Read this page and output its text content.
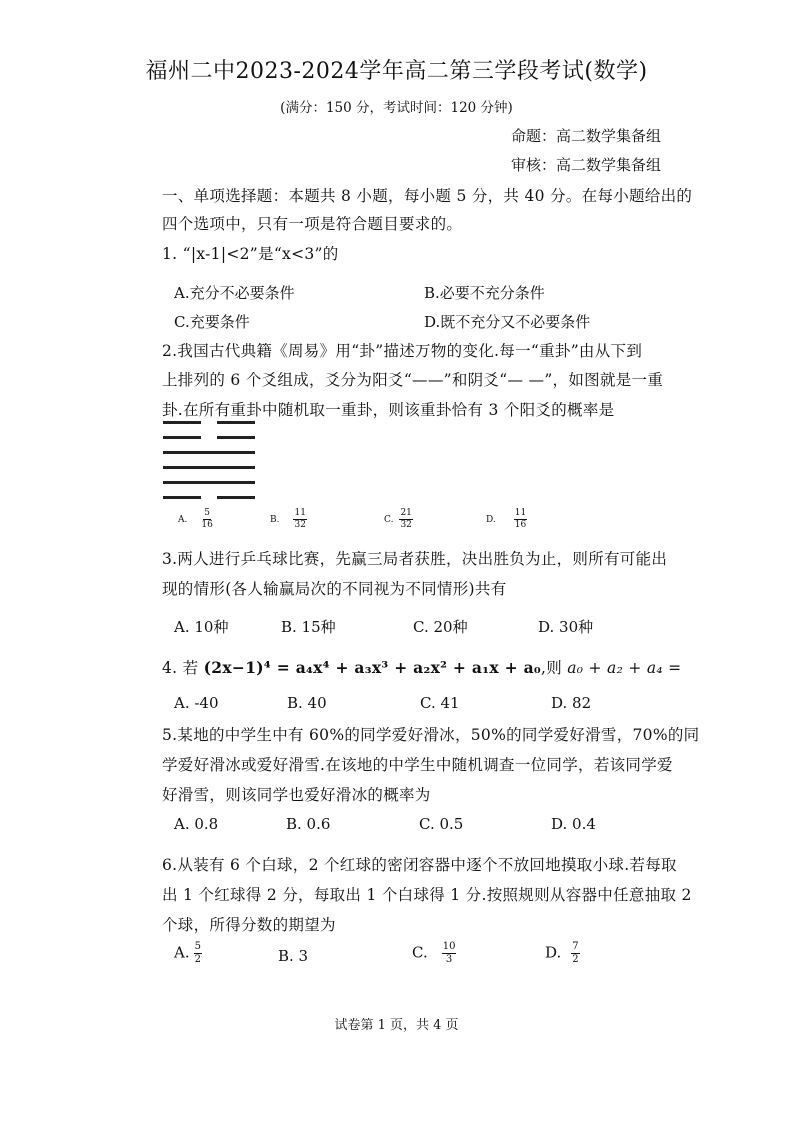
福州二中2023-2024学年高二第三学段考试(数学)
(满分：150 分，考试时间：120 分钟)
命题：高二数学集备组
审核：高二数学集备组
一、单项选择题：本题共 8 小题，每小题 5 分，共 40 分。在每小题给出的
四个选项中，只有一项是符合题目要求的。
1. “|x-1|<2”是“x<3”的
A.充分不必要条件	B.必要不充分条件
C.充要条件	D.既不充分又不必要条件
2.我国古代典籍《周易》用“卦”描述万物的变化.每一“重卦”由从下到
上排列的 6 个爻组成，爻分为阳爻“——”和阴爻“— —”，如图就是一重
卦.在所有重卦中随机取一重卦，则该重卦恰有 3 个阳爻的概率是
A. $\frac{5}{16}$	B. $\frac{11}{32}$	C. $\frac{21}{32}$	D. $\frac{11}{16}$
3.两人进行乒乓球比赛，先赢三局者获胜，决出胜负为止，则所有可能出
现的情形(各人输赢局次的不同视为不同情形)共有
A. 10种	B. 15种	C. 20种	D. 30种
4. 若 (2x−1)⁴ = a₄x⁴ + a₃x³ + a₂x² + a₁x + a₀,则 a₀ + a₂ + a₄ =
A. -40	B. 40	C. 41	D. 82
5.某地的中学生中有 60%的同学爱好滑冰，50%的同学爱好滑雪，70%的同
学爱好滑冰或爱好滑雪.在该地的中学生中随机调查一位同学，若该同学爱
好滑雪，则该同学也爱好滑冰的概率为
A. 0.8	B. 0.6	C. 0.5	D. 0.4
6.从装有 6 个白球，2 个红球的密闭容器中逐个不放回地摸取小球.若每取
出 1 个红球得 2 分，每取出 1 个白球得 1 分.按照规则从容器中任意抽取 2
个球，所得分数的期望为
A. $\frac{5}{2}$	B. 3	C. $\frac{10}{3}$	D. $\frac{7}{2}$
试卷第 1 页，共 4 页
